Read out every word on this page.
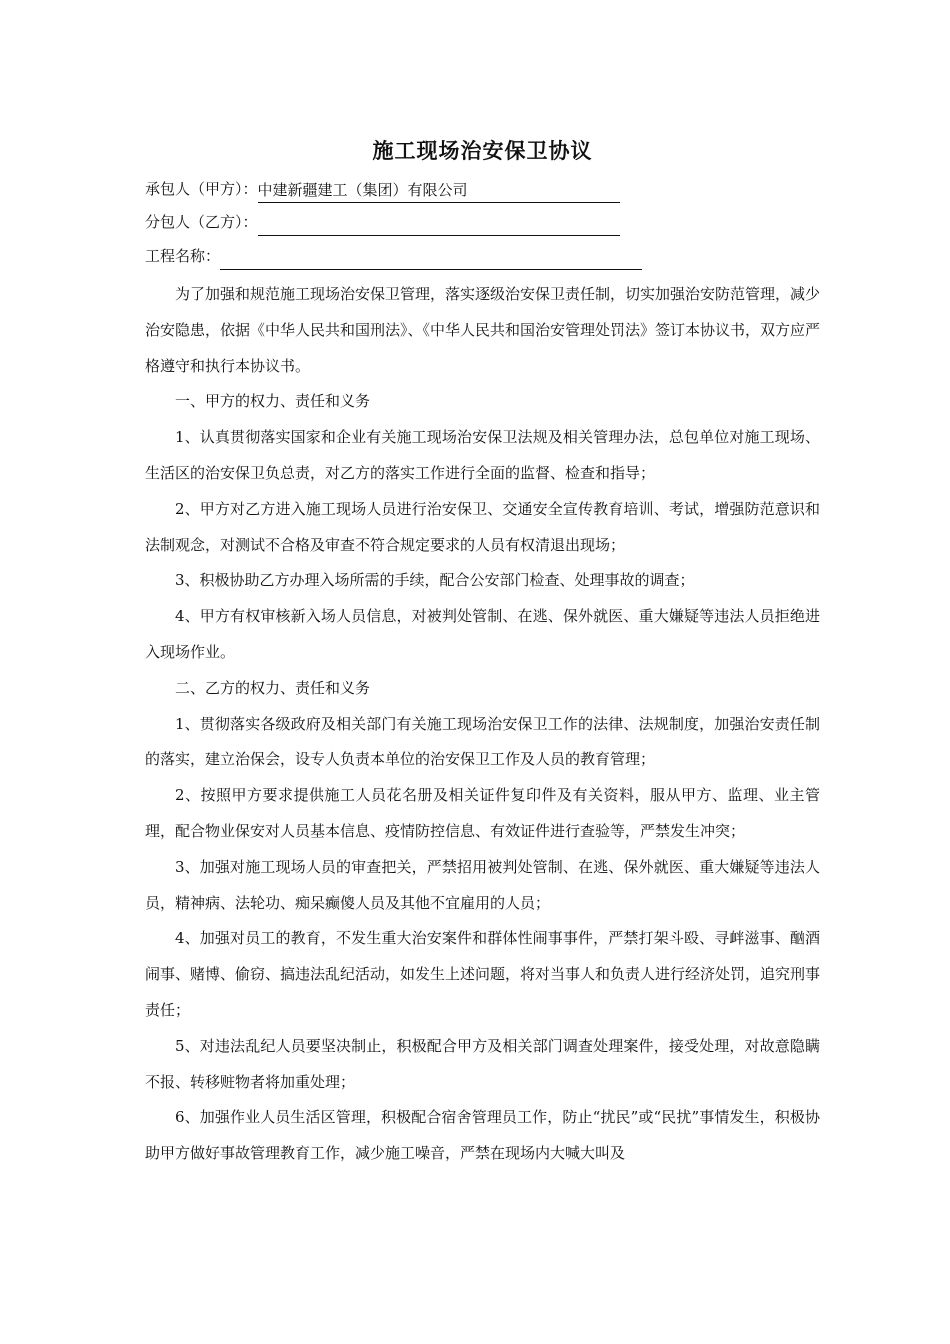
施工现场治安保卫协议
承包人（甲方）： 中建新疆建工（集团）有限公司
分包人（乙方）：
工程名称：

为了加强和规范施工现场治安保卫管理，落实逐级治安保卫责任制，切实加强治安防范管理，减少治安隐患，依据《中华人民共和国刑法》、《中华人民共和国治安管理处罚法》签订本协议书，双方应严格遵守和执行本协议书。

一、甲方的权力、责任和义务

1、认真贯彻落实国家和企业有关施工现场治安保卫法规及相关管理办法，总包单位对施工现场、生活区的治安保卫负总责，对乙方的落实工作进行全面的监督、检查和指导；

2、甲方对乙方进入施工现场人员进行治安保卫、交通安全宣传教育培训、考试，增强防范意识和法制观念，对测试不合格及审查不符合规定要求的人员有权清退出现场；

3、积极协助乙方办理入场所需的手续，配合公安部门检查、处理事故的调查；

4、甲方有权审核新入场人员信息，对被判处管制、在逃、保外就医、重大嫌疑等违法人员拒绝进入现场作业。

二、乙方的权力、责任和义务

1、贯彻落实各级政府及相关部门有关施工现场治安保卫工作的法律、法规制度，加强治安责任制的落实，建立治保会，设专人负责本单位的治安保卫工作及人员的教育管理；

2、按照甲方要求提供施工人员花名册及相关证件复印件及有关资料，服从甲方、监理、业主管理，配合物业保安对人员基本信息、疫情防控信息、有效证件进行查验等，严禁发生冲突；

3、加强对施工现场人员的审查把关，严禁招用被判处管制、在逃、保外就医、重大嫌疑等违法人员，精神病、法轮功、痴呆癫傻人员及其他不宜雇用的人员；

4、加强对员工的教育，不发生重大治安案件和群体性闹事事件，严禁打架斗殴、寻衅滋事、酗酒闹事、赌博、偷窃、搞违法乱纪活动，如发生上述问题，将对当事人和负责人进行经济处罚，追究刑事责任；

5、对违法乱纪人员要坚决制止，积极配合甲方及相关部门调查处理案件，接受处理，对故意隐瞒不报、转移赃物者将加重处理；

6、加强作业人员生活区管理，积极配合宿舍管理员工作，防止“扰民”或“民扰”事情发生，积极协助甲方做好事故管理教育工作，减少施工噪音，严禁在现场内大喊大叫及
